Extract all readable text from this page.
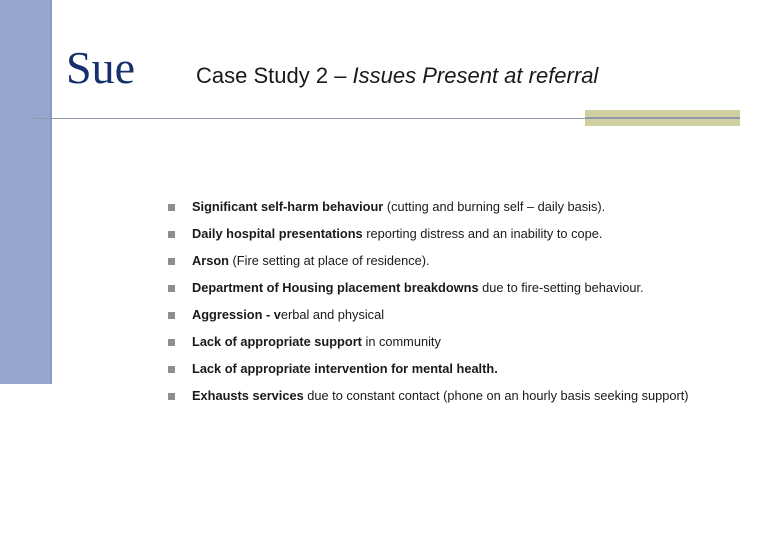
Sue	Case Study 2 – Issues Present at referral
Significant self-harm behaviour (cutting and burning self – daily basis).
Daily hospital presentations reporting distress and an inability to cope.
Arson (Fire setting at place of residence).
Department of Housing placement breakdowns due to fire-setting behaviour.
Aggression - verbal and physical
Lack of appropriate support in community
Lack of appropriate intervention for mental health.
Exhausts services due to constant contact (phone on an hourly basis seeking support)
